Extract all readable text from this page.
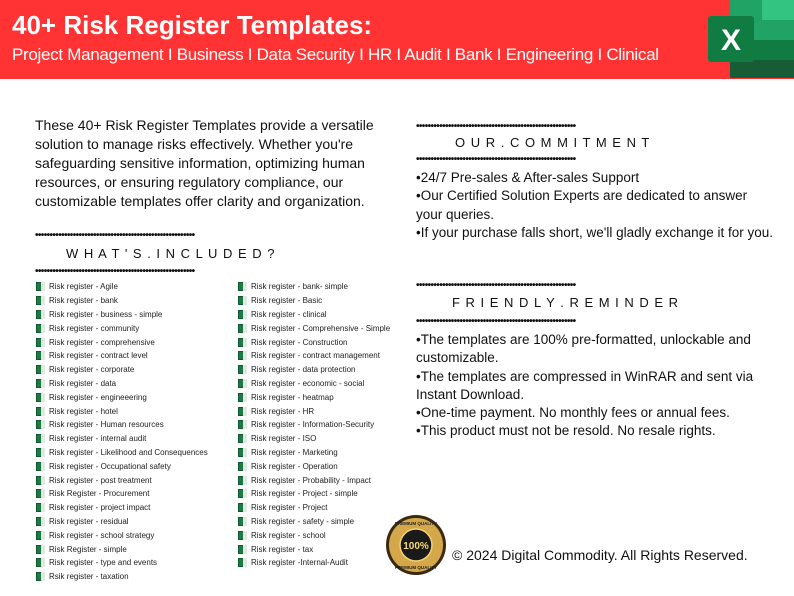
40+ Risk Register Templates:
Project Management I Business I Data Security I HR I Audit I Bank I Engineering I Clinical	X
These 40+ Risk Register Templates provide a versatile solution to manage risks effectively. Whether you're safeguarding sensitive information, optimizing human resources, or ensuring regulatory compliance, our customizable templates offer clarity and organization.
•••••••••••••••••••••••••••••••••••••••••••••••••••••••
W H A T ' S . I N C L U D E D ?
•••••••••••••••••••••••••••••••••••••••••••••••••••••••
Risk register - Agile
Risk register - bank
Risk register - business - simple
Risk register - community
Risk register - comprehensive
Risk register - contract level
Risk register - corporate
Risk register - data
Risk register - engineeering
Risk register - hotel
Risk register - Human resources
Risk register - internal audit
Risk register - Likelihood and Consequences
Risk register - Occupational safety
Risk register - post treatment
Risk Register - Procurement
Risk register - project impact
Risk register - residual
Risk register - school strategy
Risk Register - simple
Risk register - type and events
Rsik register - taxation
Risk register - bank- simple
Risk register - Basic
Risk register - clinical
Risk register - Comprehensive - Simple
Risk register - Construction
Risk register - contract management
Risk register - data protection
Risk register - economic - social
Risk register - heatmap
Risk register - HR
Risk register - Information-Security
Risk register - ISO
Risk register - Marketing
Risk register - Operation
Risk register - Probability - Impact
Risk register - Project - simple
Risk register - Project
Risk register - safety - simple
Risk register - school
Risk register - tax
Risk register -Internal-Audit
•••••••••••••••••••••••••••••••••••••••••••••••••••••••
O U R . C O M M I T M E N T
•••••••••••••••••••••••••••••••••••••••••••••••••••••••
•24/7 Pre-sales & After-sales Support
•Our Certified Solution Experts are dedicated to answer your queries.
•If your purchase falls short, we'll gladly exchange it for you.
•••••••••••••••••••••••••••••••••••••••••••••••••••••••
F R I E N D L Y . R E M I N D E R
•••••••••••••••••••••••••••••••••••••••••••••••••••••••
•The templates are 100% pre-formatted, unlockable and customizable.
•The templates are compressed in WinRAR and sent via Instant Download.
•One-time payment. No monthly fees or annual fees.
•This product must not be resold. No resale rights.
100%
PREMIUM QUALITY
PREMIUM QUALITY
© 2024 Digital Commodity. All Rights Reserved.
